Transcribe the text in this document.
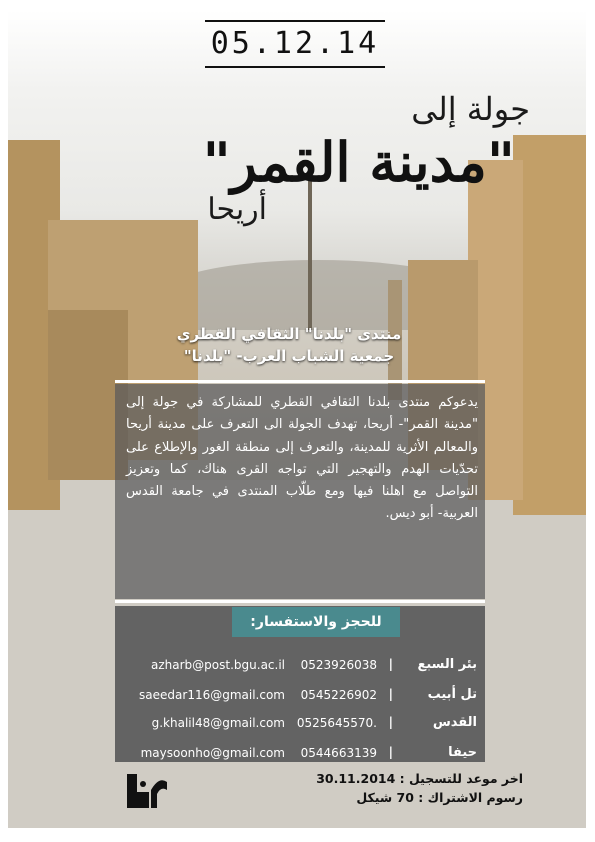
05.12.14
جولة إلى
"مدينة القمر"
أريحا
منتدى "بلدنا" الثقافي القطري
جمعية الشباب العرب- "بلدنا"
يدعوكم منتدى بلدنا الثقافي القطري للمشاركة في جولة إلى "مدينة القمر"- أريحا، تهدف الجولة الى التعرف على مدينة أريحا والمعالم الأثرية للمدينة، والتعرف إلى منطقة الغور والإطلاع على تحدّيات الهدم والتهجير التي تواجه القرى هناك، كما وتعزيز التواصل مع اهلنا فيها ومع طلّاب المنتدى في جامعة القدس العربية- أبو ديس.
للحجز والاستفسار:
بئر السبع
|
0523926038
azharb@post.bgu.ac.il
تل أبيب
|
0545226902
saeedar116@gmail.com
القدس
|
0525645570.
g.khalil48@gmail.com
حيفا
|
0544663139
maysoonho@gmail.com
اخر موعد للتسجيل : 30.11.2014
رسوم الاشتراك : 70 شيكل
